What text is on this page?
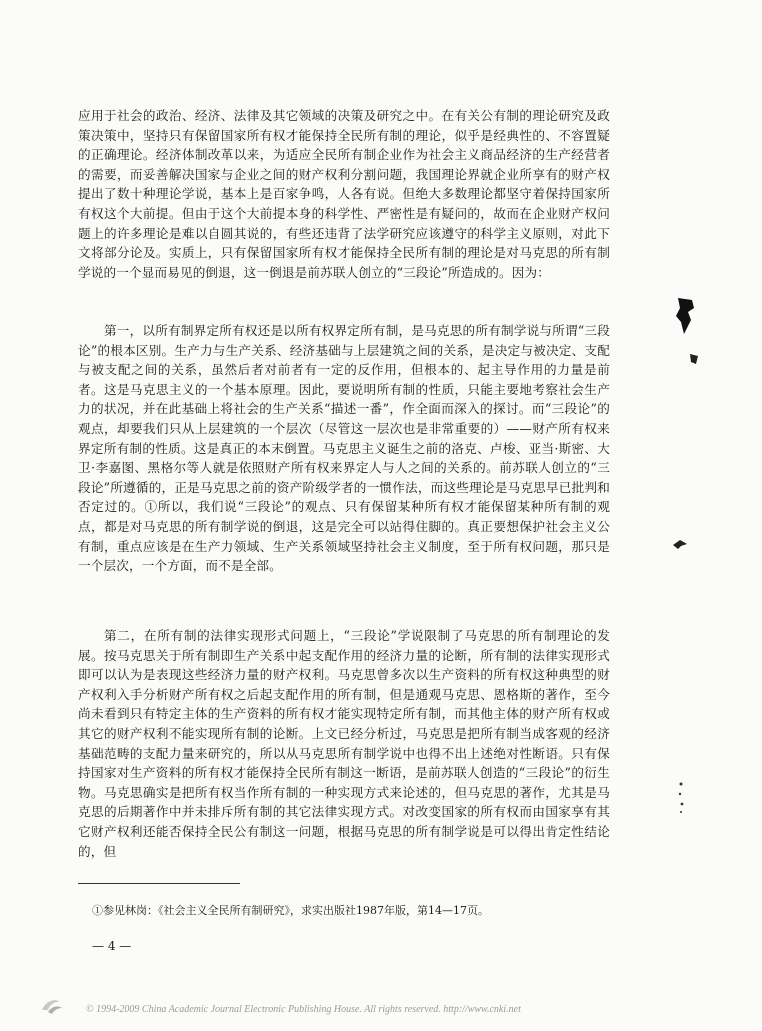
应用于社会的政治、经济、法律及其它领域的决策及研究之中。在有关公有制的理论研究及政策决策中，坚持只有保留国家所有权才能保持全民所有制的理论，似乎是经典性的、不容置疑的正确理论。经济体制改革以来，为适应全民所有制企业作为社会主义商品经济的生产经营者的需要，而妥善解决国家与企业之间的财产权利分割问题，我国理论界就企业所享有的财产权提出了数十种理论学说，基本上是百家争鸣，人各有说。但绝大多数理论都坚守着保持国家所有权这个大前提。但由于这个大前提本身的科学性、严密性是有疑问的，故而在企业财产权问题上的许多理论是难以自圆其说的，有些还违背了法学研究应该遵守的科学主义原则，对此下文将部分论及。实质上，只有保留国家所有权才能保持全民所有制的理论是对马克思的所有制学说的一个显而易见的倒退，这一倒退是前苏联人创立的“三段论”所造成的。因为：

第一，以所有制界定所有权还是以所有权界定所有制，是马克思的所有制学说与所谓“三段论”的根本区别。生产力与生产关系、经济基础与上层建筑之间的关系，是决定与被决定、支配与被支配之间的关系，虽然后者对前者有一定的反作用，但根本的、起主导作用的力量是前者。这是马克思主义的一个基本原理。因此，要说明所有制的性质，只能主要地考察社会生产力的状况，并在此基础上将社会的生产关系“描述一番”，作全面而深入的探讨。而“三段论”的观点，却要我们只从上层建筑的一个层次（尽管这一层次也是非常重要的）——财产所有权来界定所有制的性质。这是真正的本末倒置。马克思主义诞生之前的洛克、卢梭、亚当·斯密、大卫·李嘉图、黑格尔等人就是依照财产所有权来界定人与人之间的关系的。前苏联人创立的“三段论”所遵循的，正是马克思之前的资产阶级学者的一惯作法，而这些理论是马克思早已批判和否定过的。①所以，我们说“三段论”的观点、只有保留某种所有权才能保留某种所有制的观点，都是对马克思的所有制学说的倒退，这是完全可以站得住脚的。真正要想保护社会主义公有制，重点应该是在生产力领域、生产关系领域坚持社会主义制度，至于所有权问题，那只是一个层次，一个方面，而不是全部。

第二，在所有制的法律实现形式问题上，“三段论”学说限制了马克思的所有制理论的发展。按马克思关于所有制即生产关系中起支配作用的经济力量的论断，所有制的法律实现形式即可以认为是表现这些经济力量的财产权利。马克思曾多次以生产资料的所有权这种典型的财产权利入手分析财产所有权之后起支配作用的所有制，但是通观马克思、恩格斯的著作，至今尚未看到只有特定主体的生产资料的所有权才能实现特定所有制，而其他主体的财产所有权或其它的财产权利不能实现所有制的论断。上文已经分析过，马克思是把所有制当成客观的经济基础范畴的支配力量来研究的，所以从马克思所有制学说中也得不出上述绝对性断语。只有保持国家对生产资料的所有权才能保持全民所有制这一断语，是前苏联人创造的“三段论”的衍生物。马克思确实是把所有权当作所有制的一种实现方式来论述的，但马克思的著作，尤其是马克思的后期著作中并未排斥所有制的其它法律实现方式。对改变国家的所有权而由国家享有其它财产权利还能否保持全民公有制这一问题，根据马克思的所有制学说是可以得出肯定性结论的，但

①参见林岗：《社会主义全民所有制研究》，求实出版社1987年版，第14—17页。

— 4 —
© 1994-2009 China Academic Journal Electronic Publishing House. All rights reserved. http://www.cnki.net
